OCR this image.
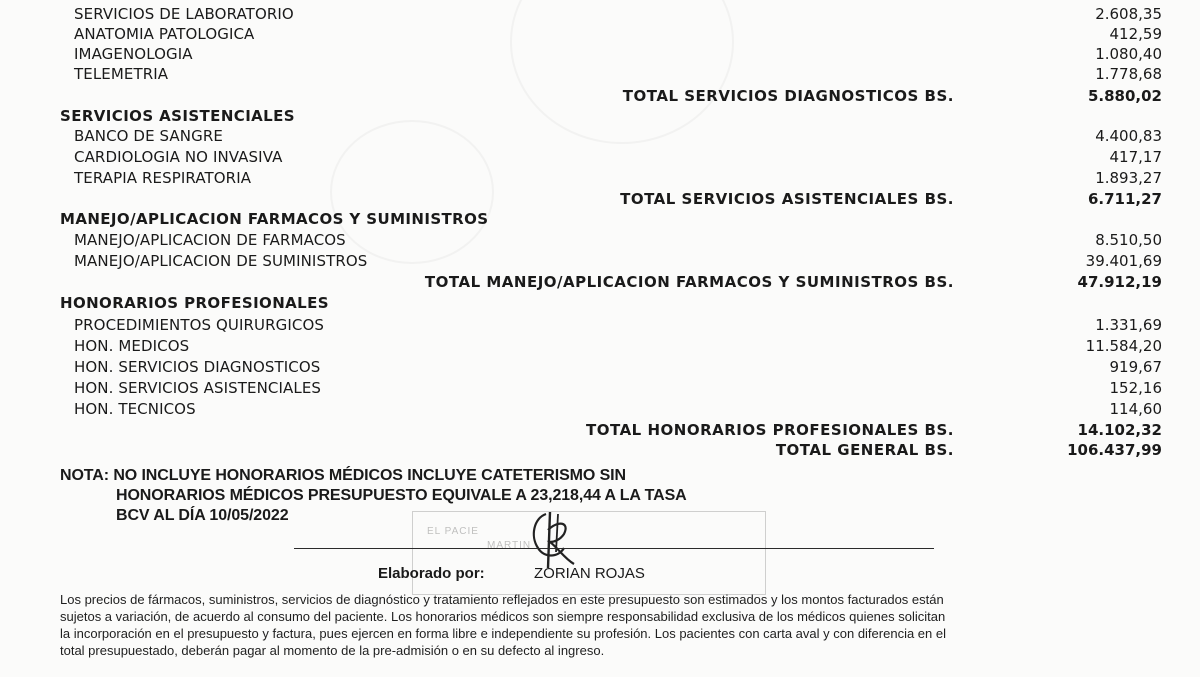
SERVICIOS DE LABORATORIO	2.608,35
ANATOMIA PATOLOGICA	412,59
IMAGENOLOGIA	1.080,40
TELEMETRIA	1.778,68
TOTAL SERVICIOS DIAGNOSTICOS BS.	5.880,02
SERVICIOS ASISTENCIALES
BANCO DE SANGRE	4.400,83
CARDIOLOGIA NO INVASIVA	417,17
TERAPIA RESPIRATORIA	1.893,27
TOTAL SERVICIOS ASISTENCIALES BS.	6.711,27
MANEJO/APLICACION FARMACOS Y SUMINISTROS
MANEJO/APLICACION DE FARMACOS	8.510,50
MANEJO/APLICACION DE SUMINISTROS	39.401,69
TOTAL MANEJO/APLICACION FARMACOS Y SUMINISTROS BS.	47.912,19
HONORARIOS PROFESIONALES
PROCEDIMIENTOS QUIRURGICOS	1.331,69
HON. MEDICOS	11.584,20
HON. SERVICIOS DIAGNOSTICOS	919,67
HON. SERVICIOS ASISTENCIALES	152,16
HON. TECNICOS	114,60
TOTAL HONORARIOS PROFESIONALES BS.	14.102,32
TOTAL GENERAL BS.	106.437,99
NOTA: NO INCLUYE HONORARIOS MÉDICOS INCLUYE CATETERISMO SIN
HONORARIOS MÉDICOS PRESUPUESTO EQUIVALE A 23,218,44 A LA TASA
BCV AL DÍA 10/05/2022
EL PACIE
MARTIN
Elaborado por:	ZORIAN ROJAS
Los precios de fármacos, suministros, servicios de diagnóstico y tratamiento reflejados en este presupuesto son estimados y los montos facturados están
sujetos a variación, de acuerdo al consumo del paciente. Los honorarios médicos son siempre responsabilidad exclusiva de los médicos quienes solicitan
la incorporación en el presupuesto y factura, pues ejercen en forma libre e independiente su profesión. Los pacientes con carta aval y con diferencia en el
total presupuestado, deberán pagar al momento de la pre-admisión o en su defecto al ingreso.
